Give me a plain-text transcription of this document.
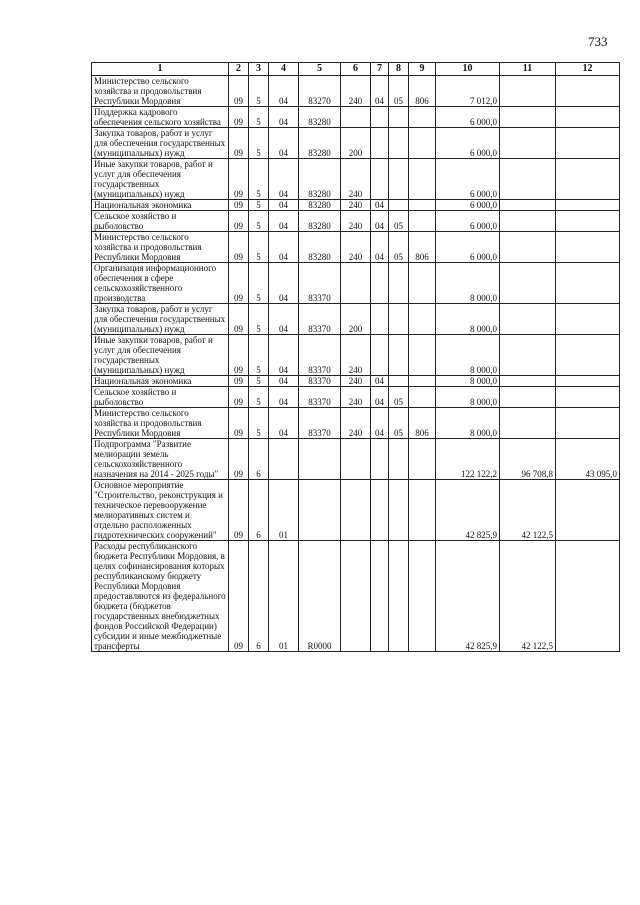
733
1	2	3	4	5	6	7	8	9	10	11	12
Министерство сельского хозяйства и продовольствия Республики Мордовия	09	5	04	83270	240	04	05	806	7 012,0		
Поддержка кадрового обеспечения сельского хозяйства	09	5	04	83280					6 000,0		
Закупка товаров, работ и услуг для обеспечения государственных (муниципальных) нужд	09	5	04	83280	200				6 000,0		
Иные закупки товаров, работ и услуг для обеспечения государственных (муниципальных) нужд	09	5	04	83280	240				6 000,0		
Национальная экономика	09	5	04	83280	240	04			6 000,0		
Сельское хозяйство и рыболовство	09	5	04	83280	240	04	05		6 000,0		
Министерство сельского хозяйства и продовольствия Республики Мордовия	09	5	04	83280	240	04	05	806	6 000,0		
Организация информационного обеспечения в сфере сельскохозяйственного производства	09	5	04	83370					8 000,0		
Закупка товаров, работ и услуг для обеспечения государственных (муниципальных) нужд	09	5	04	83370	200				8 000,0		
Иные закупки товаров, работ и услуг для обеспечения государственных (муниципальных) нужд	09	5	04	83370	240				8 000,0		
Национальная экономика	09	5	04	83370	240	04			8 000,0		
Сельское хозяйство и рыболовство	09	5	04	83370	240	04	05		8 000,0		
Министерство сельского хозяйства и продовольствия Республики Мордовия	09	5	04	83370	240	04	05	806	8 000,0		
Подпрограмма "Развитие мелиорации земель сельскохозяйственного назначения на 2014 - 2025 годы"	09	6							122 122,2	96 708,8	43 095,0
Основное мероприятие "Строительство, реконструкция и техническое перевооружение мелиоративных систем и отдельно расположенных гидротехнических сооружений"	09	6	01						42 825,9	42 122,5	
Расходы республиканского бюджета Республики Мордовия, в целях софинансирования которых республиканскому бюджету Республики Мордовия предоставляются из федерального бюджета (бюджетов государственных внебюджетных фондов Российской Федерации) субсидии и иные межбюджетные трансферты	09	6	01	R0000					42 825,9	42 122,5	
